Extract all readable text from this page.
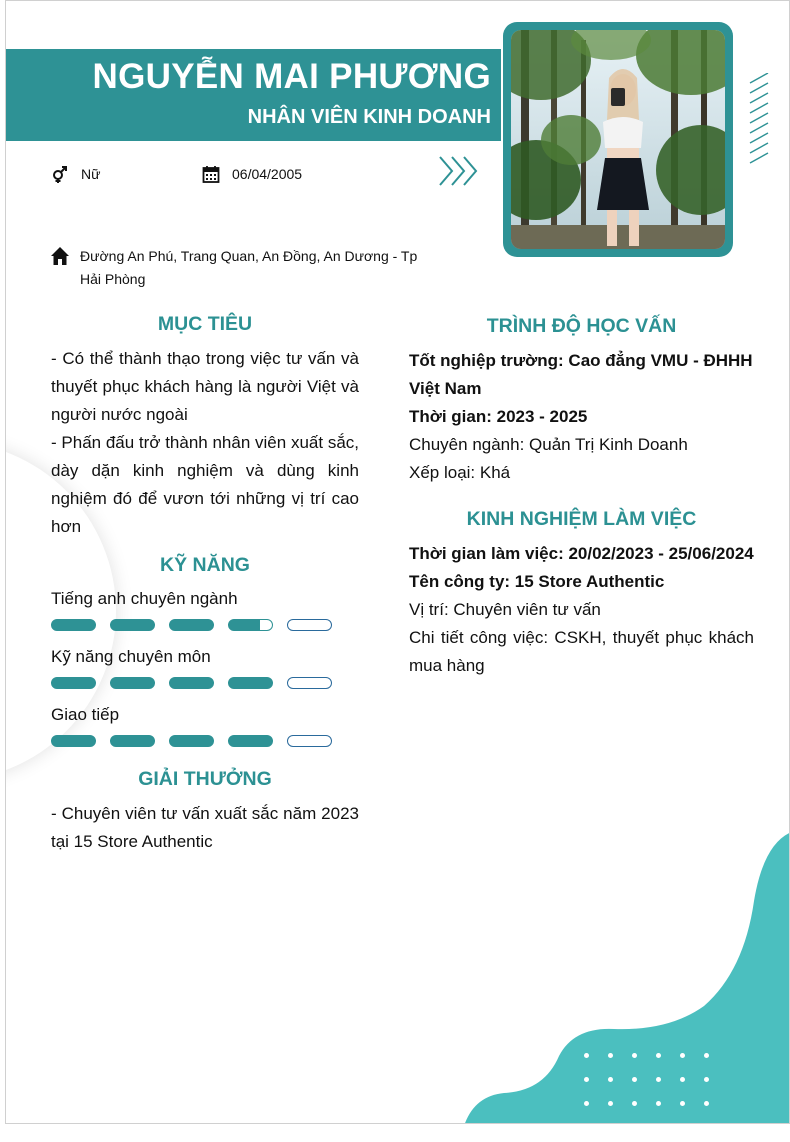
NGUYỄN MAI PHƯƠNG
NHÂN VIÊN KINH DOANH
Nữ	06/04/2005
Đường An Phú, Trang Quan, An Đồng, An Dương - Tp Hải Phòng
MỤC TIÊU

- Có thể thành thạo trong việc tư vấn và thuyết phục khách hàng là người Việt và người nước ngoài

- Phấn đấu trở thành nhân viên xuất sắc, dày dặn kinh nghiệm và dùng kinh nghiệm đó để vươn tới những vị trí cao hơn

KỸ NĂNG
Tiếng anh chuyên ngành
Kỹ năng chuyên môn
Giao tiếp
GIẢI THƯỞNG
- Chuyên viên tư vấn xuất sắc năm 2023 tại 15 Store Authentic
TRÌNH ĐỘ HỌC VẤN

Tốt nghiệp trường: Cao đẳng VMU - ĐHHH Việt Nam

Thời gian: 2023 - 2025

Chuyên ngành: Quản Trị Kinh Doanh

Xếp loại: Khá

KINH NGHIỆM LÀM VIỆC

Thời gian làm việc: 20/02/2023 - 25/06/2024

Tên công ty: 15 Store Authentic

Vị trí: Chuyên viên tư vấn

Chi tiết công việc: CSKH, thuyết phục khách mua hàng
